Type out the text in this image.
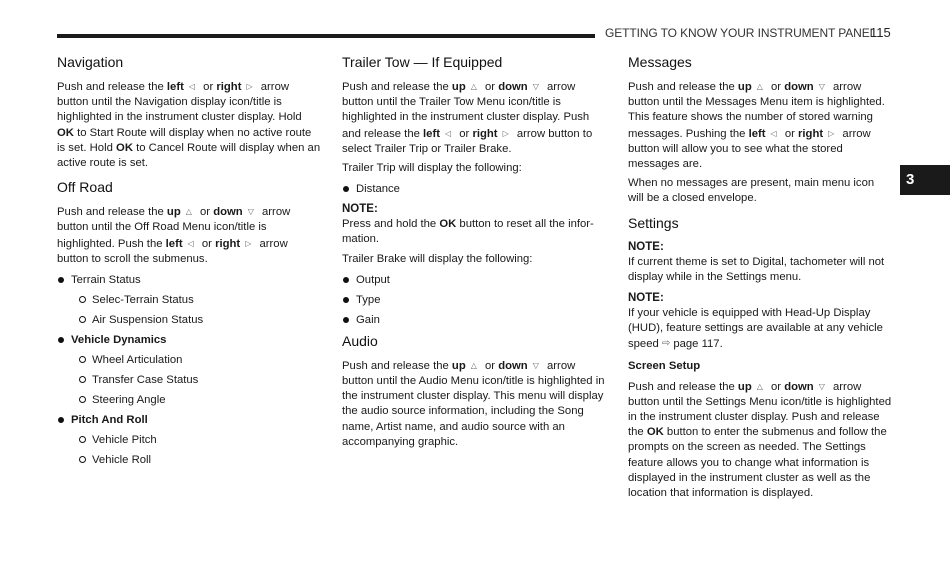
GETTING TO KNOW YOUR INSTRUMENT PANEL
115
3
Navigation

Push and release the left ◁ or right ▷ arrow button until the Navigation display icon/title is highlighted in the instrument cluster display. Hold OK to Start Route will display when no active route is set. Hold OK to Cancel Route will display when an active route is set.

Off Road

Push and release the up △ or down ▽ arrow button until the Off Road Menu icon/title is highlighted. Push the left ◁ or right ▷ arrow button to scroll the submenus.

Terrain Status
Selec-Terrain Status
Air Suspension Status
Vehicle Dynamics
Wheel Articulation
Transfer Case Status
Steering Angle
Pitch And Roll
Vehicle Pitch
Vehicle Roll
Trailer Tow — If Equipped

Push and release the up △ or down ▽ arrow button until the Trailer Tow Menu icon/title is highlighted in the instrument cluster display. Push and release the left ◁ or right ▷ arrow button to select Trailer Trip or Trailer Brake.

Trailer Trip will display the following:

Distance
NOTE:

Press and hold the OK button to reset all the infor-mation.

Trailer Brake will display the following:

Output
Type
Gain
Audio

Push and release the up △ or down ▽ arrow button until the Audio Menu icon/title is highlighted in the instrument cluster display. This menu will display the audio source information, including the Song name, Artist name, and audio source with an accompanying graphic.

Messages

Push and release the up △ or down ▽ arrow button until the Messages Menu item is highlighted. This feature shows the number of stored warning messages. Pushing the left ◁ or right ▷ arrow button will allow you to see what the stored messages are.

When no messages are present, main menu icon will be a closed envelope.

Settings
NOTE:

If current theme is set to Digital, tachometer will not display while in the Settings menu.

NOTE:

If your vehicle is equipped with Head-Up Display (HUD), feature settings are available at any vehicle speed ⇨ page 117.

Screen Setup

Push and release the up △ or down ▽ arrow button until the Settings Menu icon/title is highlighted in the instrument cluster display. Push and release the OK button to enter the submenus and follow the prompts on the screen as needed. The Settings feature allows you to change what information is displayed in the instrument cluster as well as the location that information is displayed.
